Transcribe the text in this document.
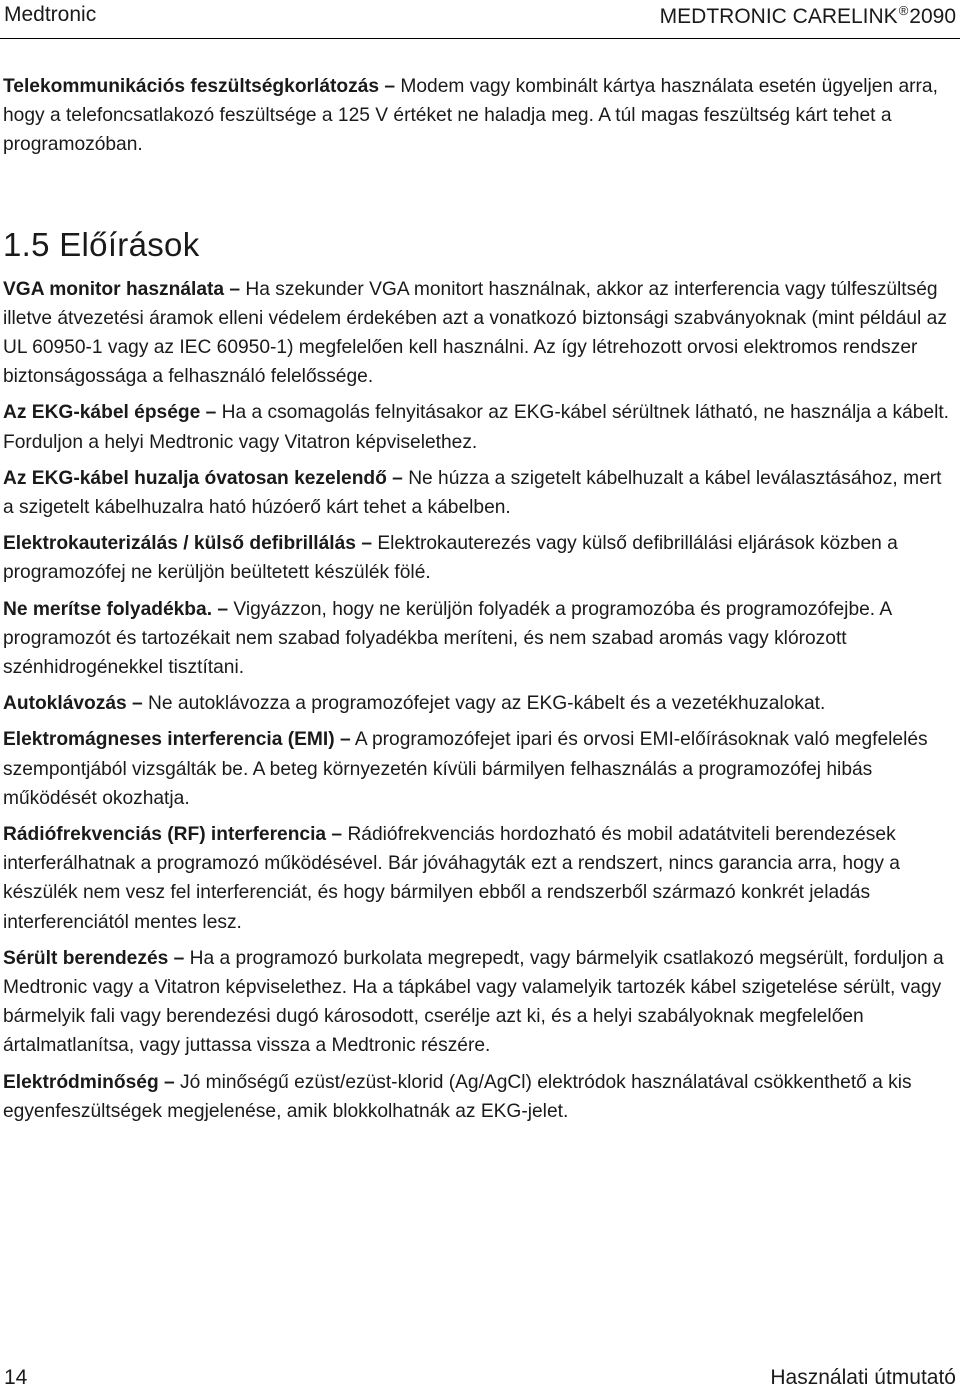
Medtronic	MEDTRONIC CARELINK®2090

Telekommunikációs feszültségkorlátozás – Modem vagy kombinált kártya használata esetén ügyeljen arra, hogy a telefoncsatlakozó feszültsége a 125 V értéket ne haladja meg. A túl magas feszültség kárt tehet a programozóban.

1.5 Előírások

VGA monitor használata – Ha szekunder VGA monitort használnak, akkor az interferencia vagy túlfeszültség illetve átvezetési áramok elleni védelem érdekében azt a vonatkozó biztonsági szabványoknak (mint például az UL 60950-1 vagy az IEC 60950-1) megfelelően kell használni. Az így létrehozott orvosi elektromos rendszer biztonságossága a felhasználó felelőssége.

Az EKG-kábel épsége – Ha a csomagolás felnyitásakor az EKG-kábel sérültnek látható, ne használja a kábelt. Forduljon a helyi Medtronic vagy Vitatron képviselethez.

Az EKG-kábel huzalja óvatosan kezelendő – Ne húzza a szigetelt kábelhuzalt a kábel leválasztásához, mert a szigetelt kábelhuzalra ható húzóerő kárt tehet a kábelben.

Elektrokauterizálás / külső defibrillálás – Elektrokauterezés vagy külső defibrillálási eljárások közben a programozófej ne kerüljön beültetett készülék fölé.

Ne merítse folyadékba. – Vigyázzon, hogy ne kerüljön folyadék a programozóba és programozófejbe. A programozót és tartozékait nem szabad folyadékba meríteni, és nem szabad aromás vagy klórozott szénhidrogénekkel tisztítani.

Autoklávozás – Ne autoklávozza a programozófejet vagy az EKG-kábelt és a vezetékhuzalokat.

Elektromágneses interferencia (EMI) – A programozófejet ipari és orvosi EMI-előírásoknak való megfelelés szempontjából vizsgálták be. A beteg környezetén kívüli bármilyen felhasználás a programozófej hibás működését okozhatja.

Rádiófrekvenciás (RF) interferencia – Rádiófrekvenciás hordozható és mobil adatátviteli berendezések interferálhatnak a programozó működésével. Bár jóváhagyták ezt a rendszert, nincs garancia arra, hogy a készülék nem vesz fel interferenciát, és hogy bármilyen ebből a rendszerből származó konkrét jeladás interferenciától mentes lesz.

Sérült berendezés – Ha a programozó burkolata megrepedt, vagy bármelyik csatlakozó megsérült, forduljon a Medtronic vagy a Vitatron képviselethez. Ha a tápkábel vagy valamelyik tartozék kábel szigetelése sérült, vagy bármelyik fali vagy berendezési dugó károsodott, cserélje azt ki, és a helyi szabályoknak megfelelően ártalmatlanítsa, vagy juttassa vissza a Medtronic részére.

Elektródminőség – Jó minőségű ezüst/ezüst-klorid (Ag/AgCl) elektródok használatával csökkenthető a kis egyenfeszültségek megjelenése, amik blokkolhatnák az EKG-jelet.

14	Használati útmutató
